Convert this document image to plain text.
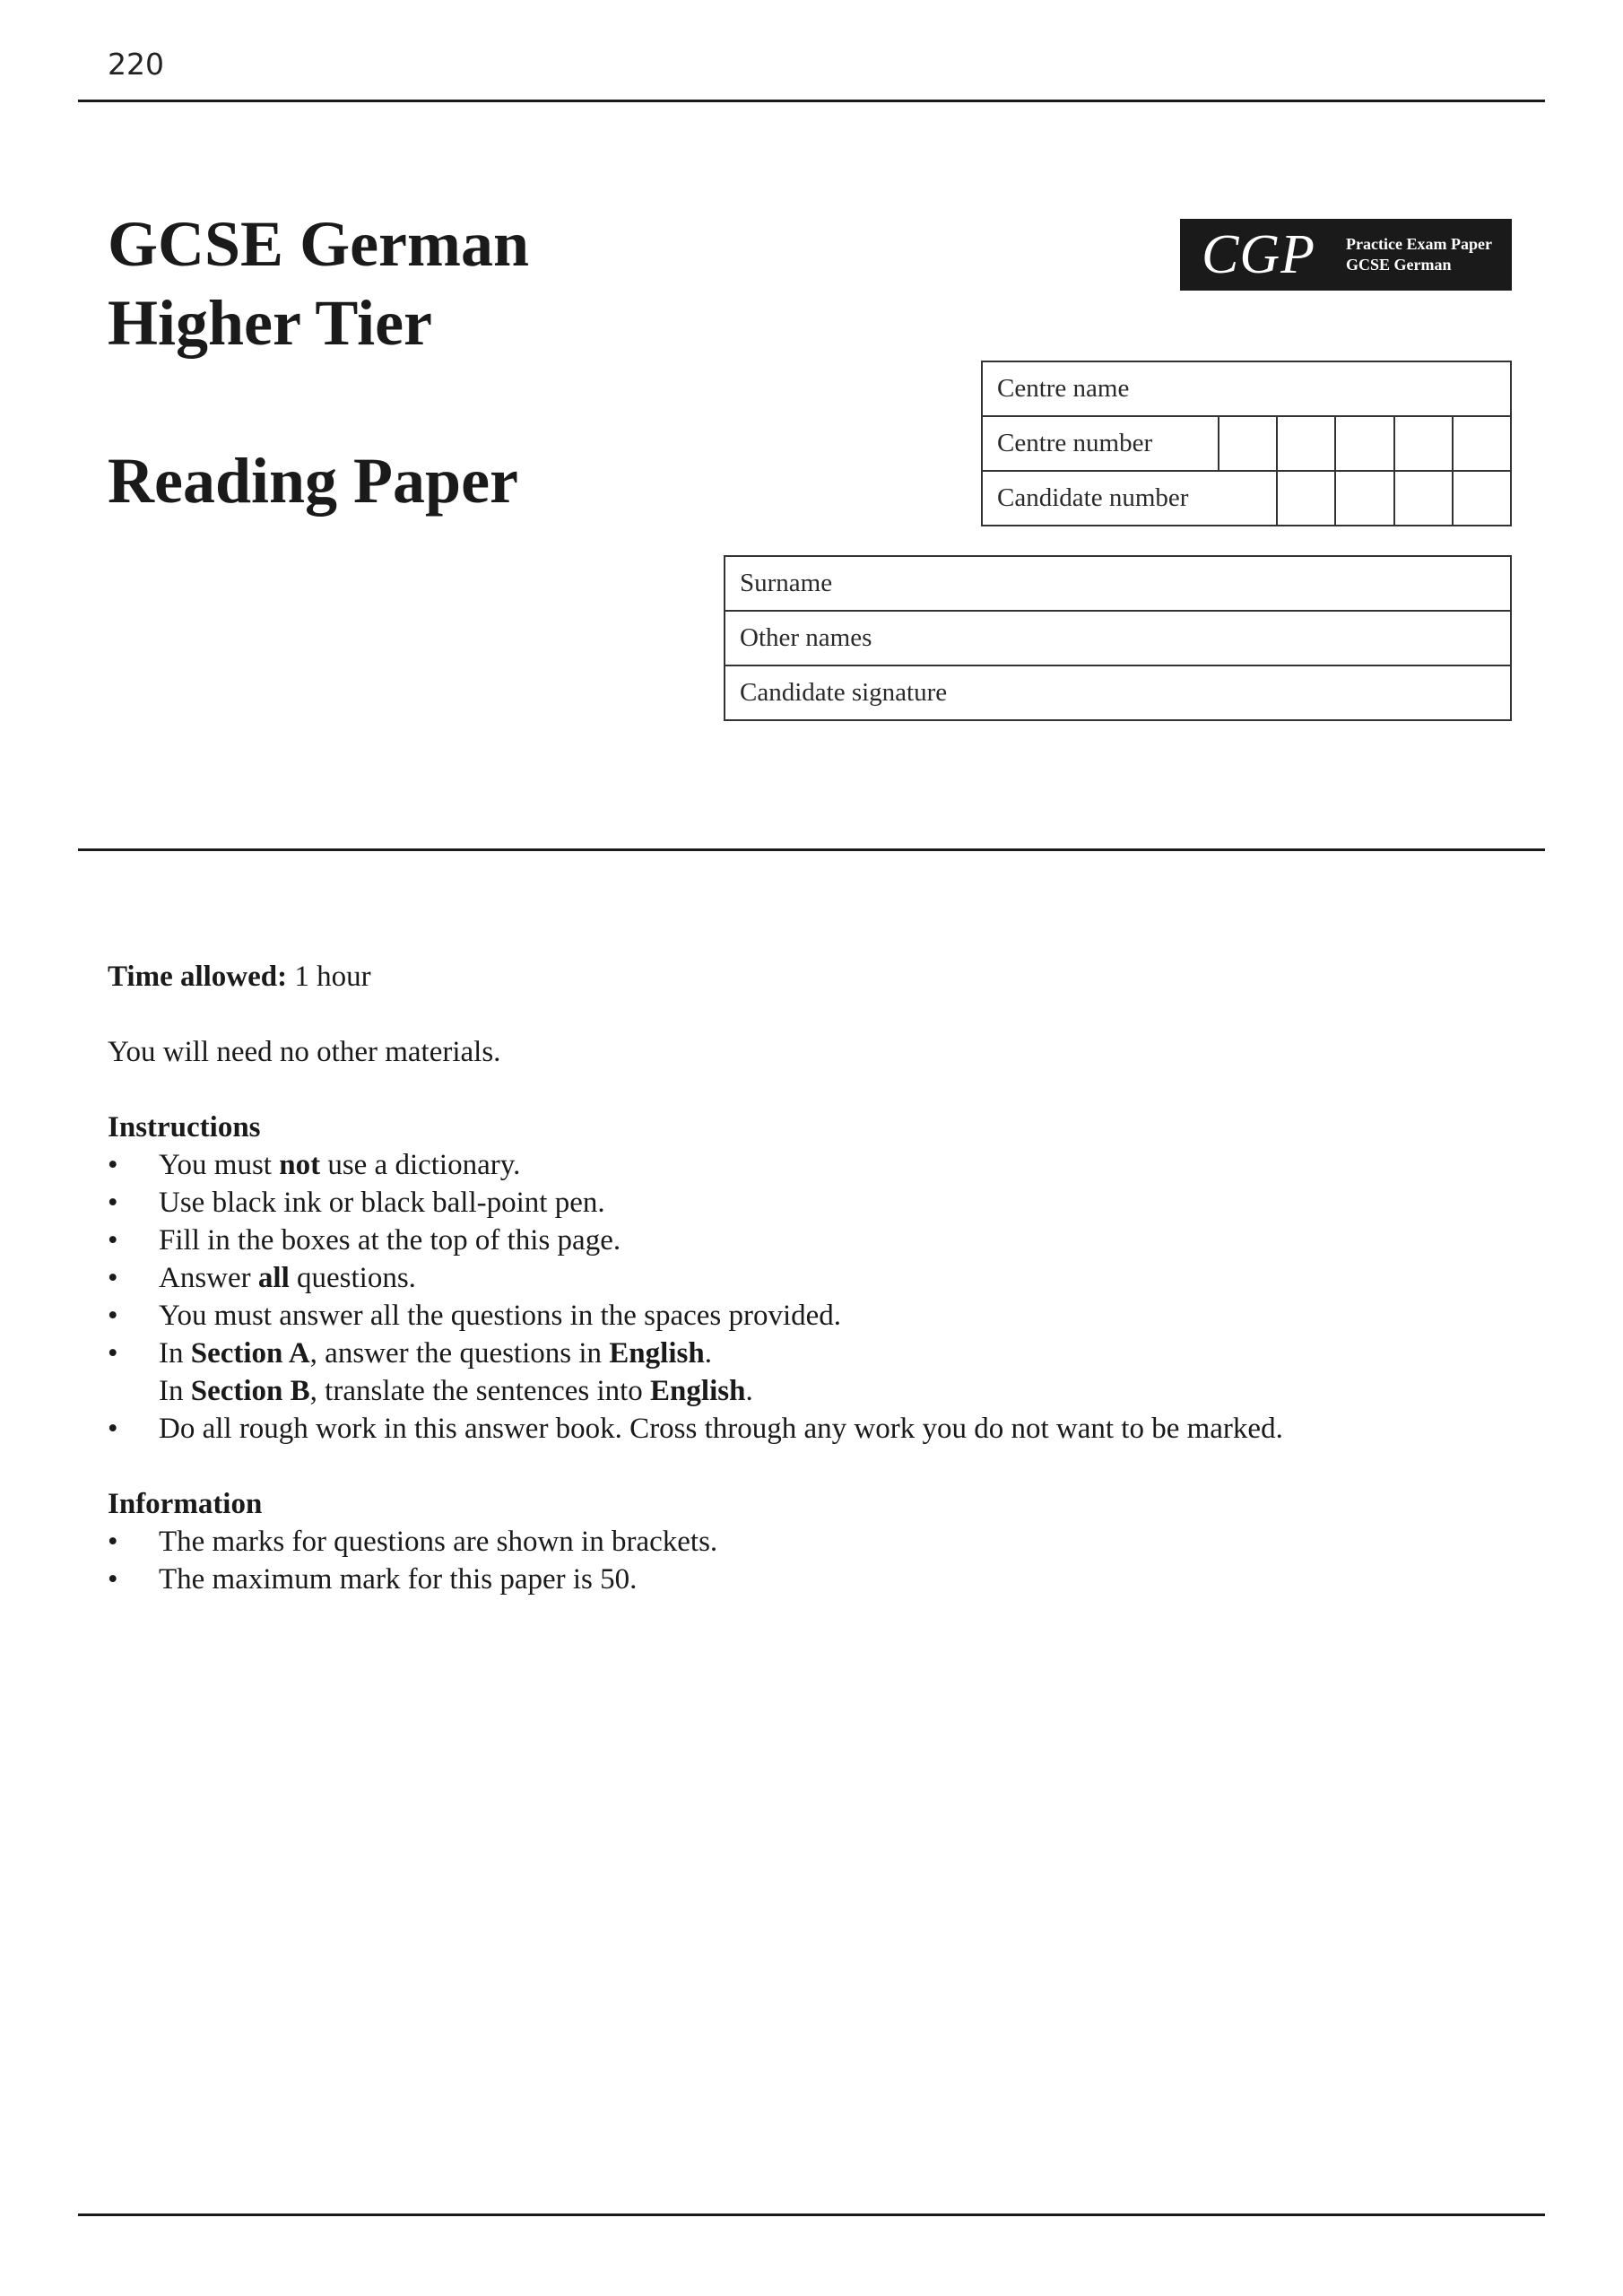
220
GCSE German
Higher Tier
Reading Paper
CGP Practice Exam Paper
GCSE German
Centre name					
Centre number					
Candidate number					
Surname
Other names
Candidate signature

Time allowed: 1 hour

You will need no other materials.

Instructions

• You must not use a dictionary.
• Use black ink or black ball-point pen.
• Fill in the boxes at the top of this page.
• Answer all questions.
• You must answer all the questions in the spaces provided.
• In Section A, answer the questions in English.
In Section B, translate the sentences into English.
• Do all rough work in this answer book. Cross through any work you do not want to be marked.

Information

• The marks for questions are shown in brackets.
• The maximum mark for this paper is 50.
